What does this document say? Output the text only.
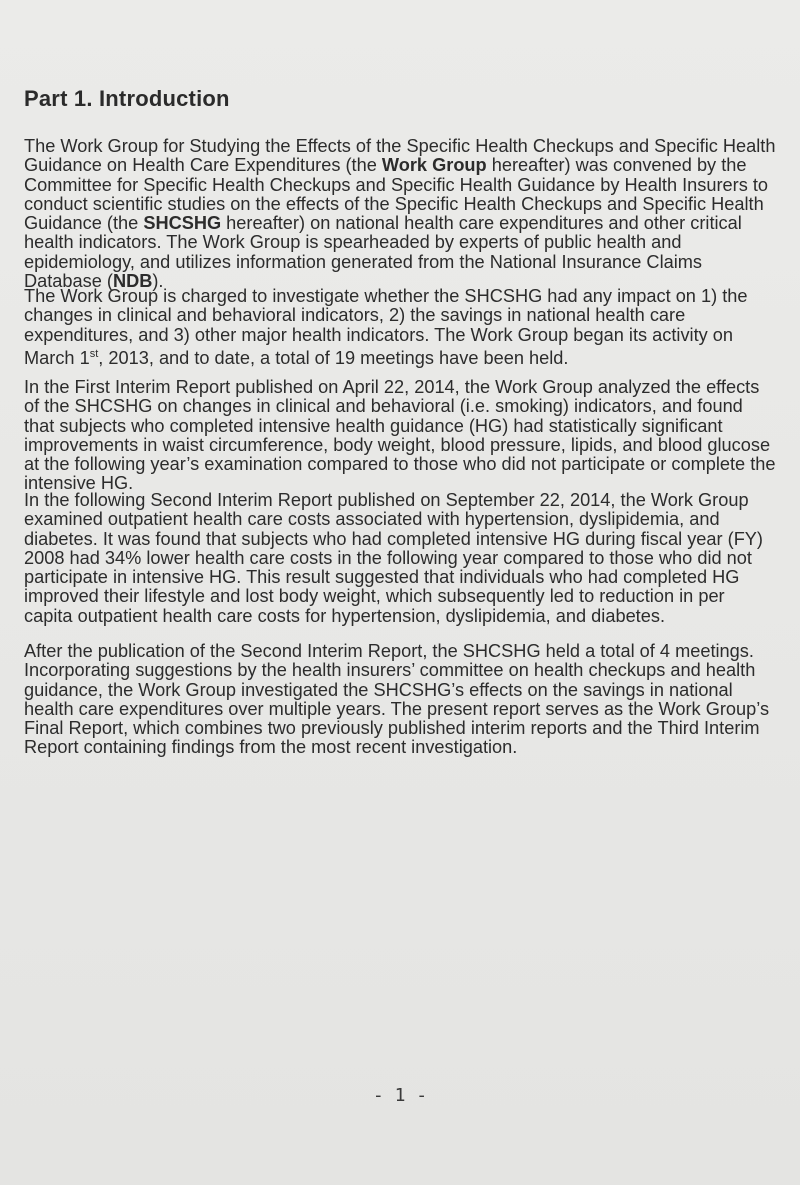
Part 1. Introduction

The Work Group for Studying the Effects of the Specific Health Checkups and Specific Health Guidance on Health Care Expenditures (the Work Group hereafter) was convened by the Committee for Specific Health Checkups and Specific Health Guidance by Health Insurers to conduct scientific studies on the effects of the Specific Health Checkups and Specific Health Guidance (the SHCSHG hereafter) on national health care expenditures and other critical health indicators. The Work Group is spearheaded by experts of public health and epidemiology, and utilizes information generated from the National Insurance Claims Database (NDB).

The Work Group is charged to investigate whether the SHCSHG had any impact on 1) the changes in clinical and behavioral indicators, 2) the savings in national health care expenditures, and 3) other major health indicators. The Work Group began its activity on March 1st, 2013, and to date, a total of 19 meetings have been held.

In the First Interim Report published on April 22, 2014, the Work Group analyzed the effects of the SHCSHG on changes in clinical and behavioral (i.e. smoking) indicators, and found that subjects who completed intensive health guidance (HG) had statistically significant improvements in waist circumference, body weight, blood pressure, lipids, and blood glucose at the following year’s examination compared to those who did not participate or complete the intensive HG.

In the following Second Interim Report published on September 22, 2014, the Work Group examined outpatient health care costs associated with hypertension, dyslipidemia, and diabetes. It was found that subjects who had completed intensive HG during fiscal year (FY) 2008 had 34% lower health care costs in the following year compared to those who did not participate in intensive HG. This result suggested that individuals who had completed HG improved their lifestyle and lost body weight, which subsequently led to reduction in per capita outpatient health care costs for hypertension, dyslipidemia, and diabetes.

After the publication of the Second Interim Report, the SHCSHG held a total of 4 meetings. Incorporating suggestions by the health insurers’ committee on health checkups and health guidance, the Work Group investigated the SHCSHG’s effects on the savings in national health care expenditures over multiple years. The present report serves as the Work Group’s Final Report, which combines two previously published interim reports and the Third Interim Report containing findings from the most recent investigation.

- 1 -
